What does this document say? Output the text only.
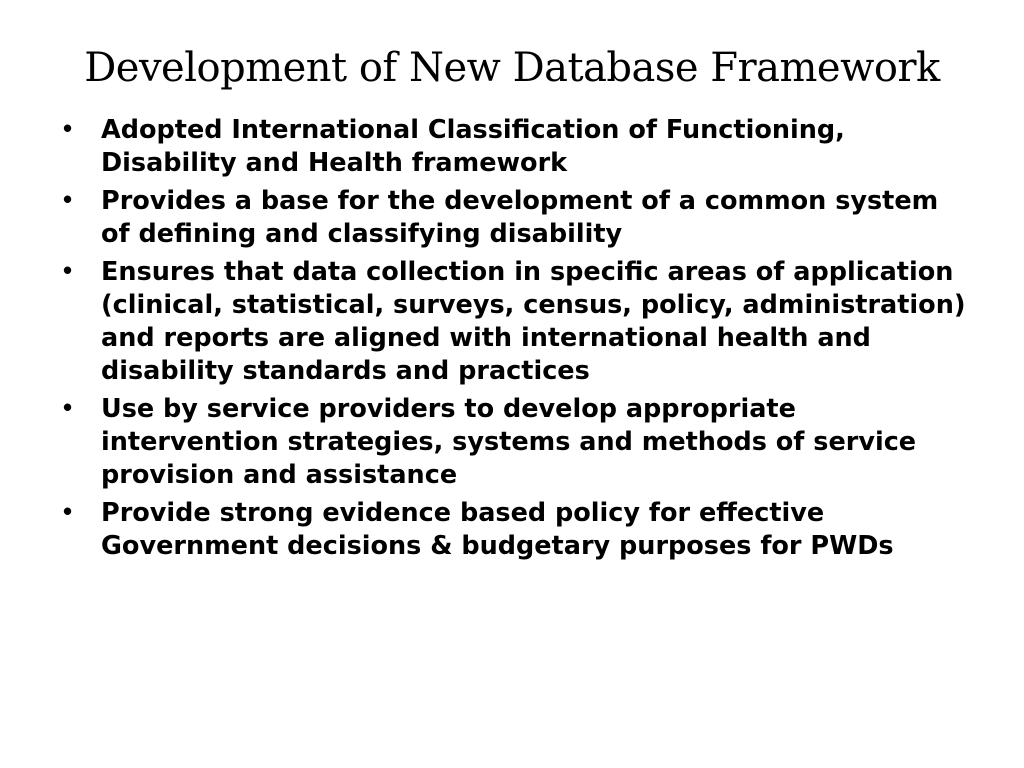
Development of New Database Framework
• Adopted International Classification of Functioning, Disability and Health framework
• Provides a base for the development of a common system of defining and classifying disability
• Ensures that data collection in specific areas of application (clinical, statistical, surveys, census, policy, administration) and reports are aligned with international health and disability standards and practices
• Use by service providers to develop appropriate intervention strategies, systems and methods of service provision and assistance
• Provide strong evidence based policy for effective Government decisions & budgetary purposes for PWDs
